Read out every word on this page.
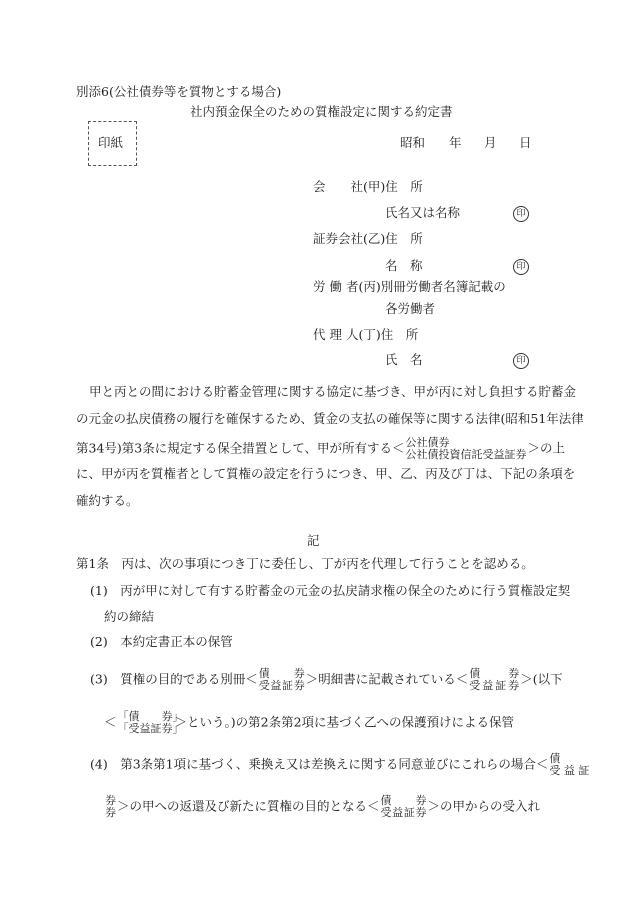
別添6(公社債券等を質物とする場合)
社内預金保全のための質権設定に関する約定書
印紙	昭和 年 月 日
会　　社(甲)住　所
氏名又は名称	印
証券会社(乙)住　所
名　称	印
労 働 者(丙)別冊労働者名簿記載の
各労働者
代 理 人(丁)住　所
氏　名	印
甲と丙との間における貯蓄金管理に関する協定に基づき、甲が丙に対し負担する貯蓄金
の元金の払戻債務の履行を確保するため、賃金の支払の確保等に関する法律(昭和51年法律
第34号)第3条に規定する保全措置として、甲が所有する＜ 公社債券
公社債投資信託受益証券 ＞の上
に、甲が丙を質権者として質権の設定を行うにつき、甲、乙、丙及び丁は、下記の条項を
確約する。
記
第1条　丙は、次の事項につき丁に委任し、丁が丙を代理して行うことを認める。
(1)　丙が甲に対して有する貯蓄金の元金の払戻請求権の保全のために行う質権設定契
約の締結
(2)　本約定書正本の保管
(3)　質権の目的である別冊＜ 債　　券
受益証券 ＞明細書に記載されている＜ 債　　券
受益証券 ＞(以下
＜ 「債　　券」
「受益証券」
＞という。)の第2条第2項に基づく乙への保護預けによる保管
(4)　第3条第1項に基づく、乗換え又は差換えに関する同意並びにこれらの場合＜ 債
受 益 証
券
券 ＞の甲への返還及び新たに質権の目的となる＜ 債　　券
受益証券 ＞の甲からの受入れ
